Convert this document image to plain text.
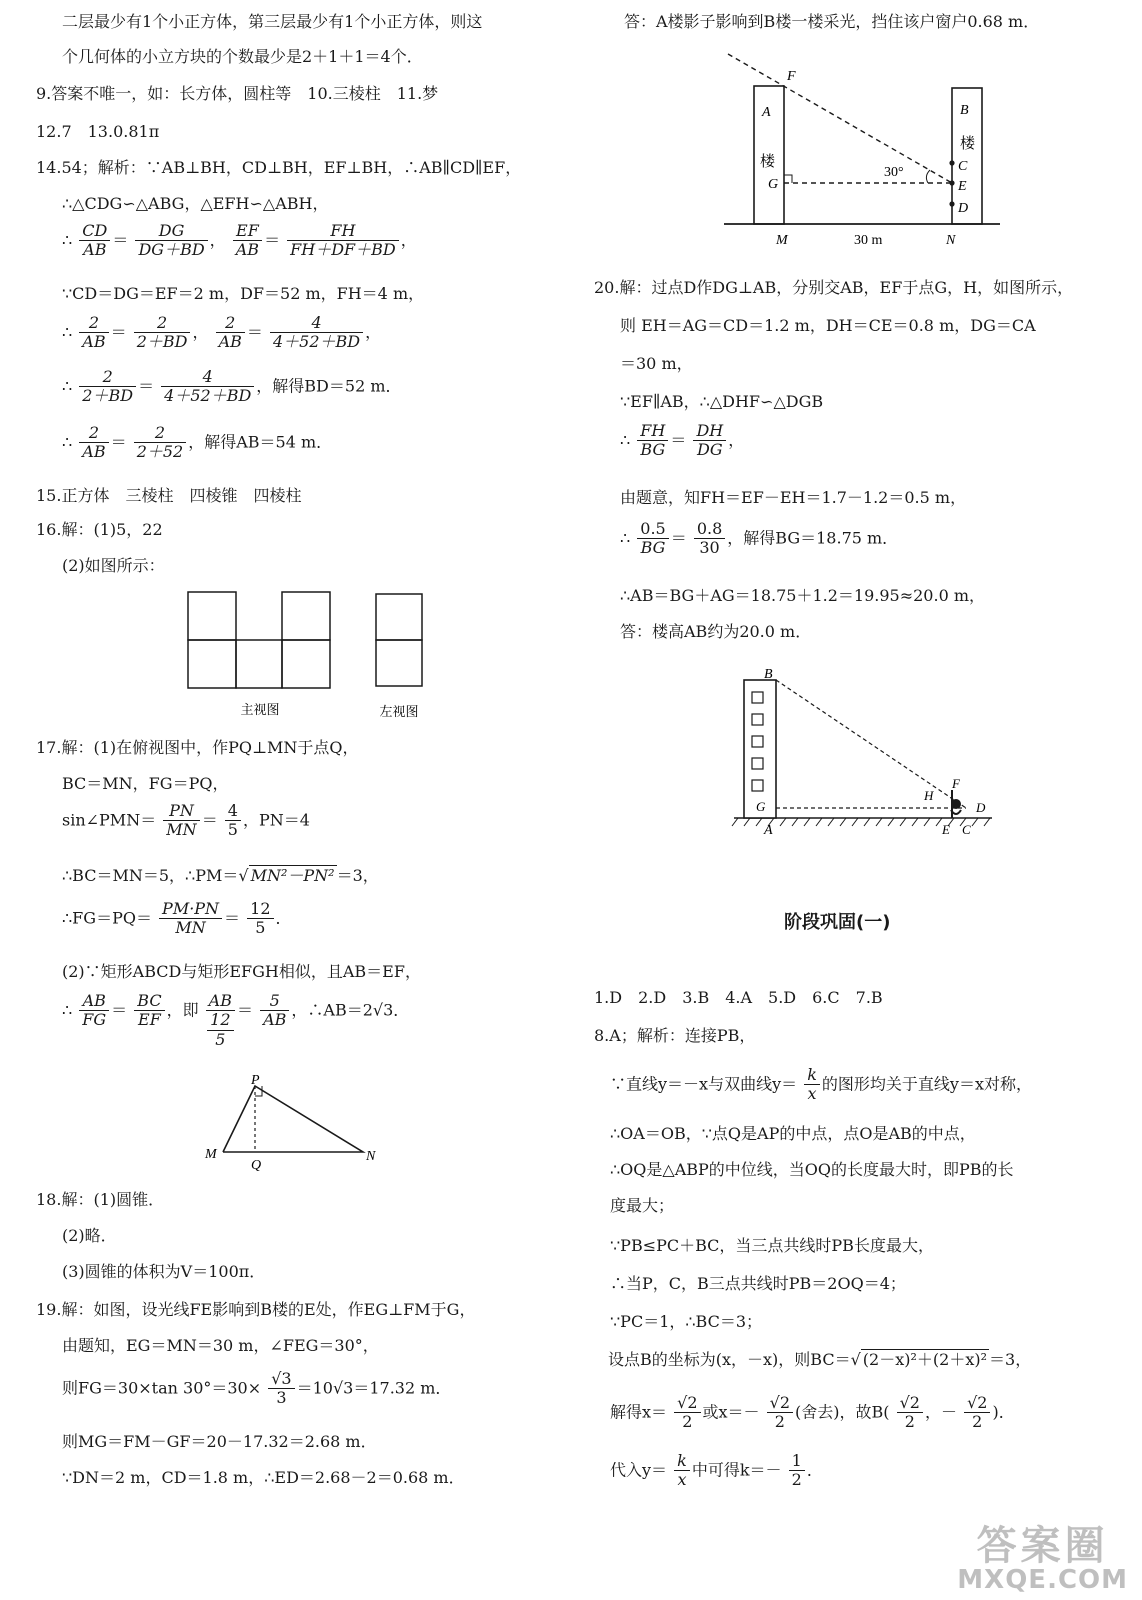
二层最少有1个小正方体，第三层最少有1个小正方体，则这
个几何体的小立方块的个数最少是2＋1＋1＝4个．
9.答案不唯一，如：长方体，圆柱等　10.三棱柱　11.梦
12.7　13.0.81π
14.54；解析：∵AB⊥BH，CD⊥BH，EF⊥BH，∴AB∥CD∥EF，
∴△CDG∽△ABG，△EFH∽△ABH，
∴ $\frac{CD}{AB} = \frac{DG}{DG+BD}$ ， $\frac{EF}{AB} = \frac{FH}{FH+DF+BD}$ ，
∵CD＝DG＝EF＝2 m，DF＝52 m，FH＝4 m，
∴ $\frac{2}{AB} = \frac{2}{2+BD}$ ， $\frac{2}{AB} = \frac{4}{4+52+BD}$ ，
∴ $\frac{2}{2+BD} = \frac{4}{4+52+BD}$ ，解得BD＝52 m．
∴ $\frac{2}{AB} = \frac{2}{2+52}$ ，解得AB＝54 m．
15.正方体　三棱柱　四棱锥　四棱柱
16.解：(1)5，22
(2)如图所示：
主视图	左视图
17.解：(1)在俯视图中，作PQ⊥MN于点Q，
BC＝MN，FG＝PQ，
sin∠PMN＝ $\frac{PN}{MN} = \frac{4}{5}$ ，PN＝4
∴BC＝MN＝5，∴PM＝√ MN²－PN² ＝3，
∴FG＝PQ＝ $\frac{PM\cdot PN}{MN} = \frac{12}{5}$ ．
(2)∵矩形ABCD与矩形EFGH相似，且AB＝EF，
∴ $\frac{AB}{FG} = \frac{BC}{EF}$ ，即 $\frac{AB}{\frac{12}{5}} = \frac{5}{AB}$ ，∴AB＝2√3．
P
M
Q
N
18.解：(1)圆锥．
(2)略．
(3)圆锥的体积为V＝100π．
19.解：如图，设光线FE影响到B楼的E处，作EG⊥FM于G，
由题知，EG＝MN＝30 m，∠FEG＝30°，
则FG＝30×tan $30^\circ=30\times \frac{√3}{3} =10√3=17.32$ m．
则MG＝FM－GF＝20－17.32＝2.68 m．
∵DN＝2 m，CD＝1.8 m，∴ED＝2.68－2＝0.68 m．
答：A楼影子影响到B楼一楼采光，挡住该户窗户0.68 m．
A
楼
G
F
M	30 m	N
B
楼
C
E
D
30°
20.解：过点D作DG⊥AB，分别交AB，EF于点G，H，如图所示，
则 EH＝AG＝CD＝1.2 m，DH＝CE＝0.8 m，DG＝CA
＝30 m，
∵EF∥AB，∴△DHF∽△DGB
∴ $\frac{FH}{BG} = \frac{DH}{DG}$ ，
由题意，知FH＝EF－EH＝1.7－1.2＝0.5 m，
∴ $\frac{0.5}{BG} = \frac{0.8}{30}$ ，解得BG＝18.75 m．
∴AB＝BG＋AG＝18.75＋1.2＝19.95≈20.0 m，
答：楼高AB约为20.0 m．
B
G
A
F
H
D
E C
阶段巩固(一)
1.D　2.D　3.B　4.A　5.D　6.C　7.B
8.A；解析：连接PB，
∵直线y＝－x与双曲线$y= \frac{k}{x}$ 的图形均关于直线y＝x对称，
∴OA＝OB，∵点Q是AP的中点，点O是AB的中点，
∴OQ是△ABP的中位线，当OQ的长度最大时，即PB的长
度最大；
∵PB≤PC＋BC，当三点共线时PB长度最大，
∴当P，C，B三点共线时PB＝2OQ＝4；
∵PC＝1，∴BC＝3；
设点B的坐标为(x，－x)，则BC＝√ (2－x)²＋(2＋x)² ＝3，
解得$x= \frac{√2}{2}$ 或$x=- \frac{√2}{2}$ (舍去)，故$B( \frac{√2}{2}$ ，－ $\frac{√2}{2}$ )．
代入$y= \frac{k}{x}$ 中可得$k=- \frac{1}{2}$ ．
答案圈
MXQE.COM
